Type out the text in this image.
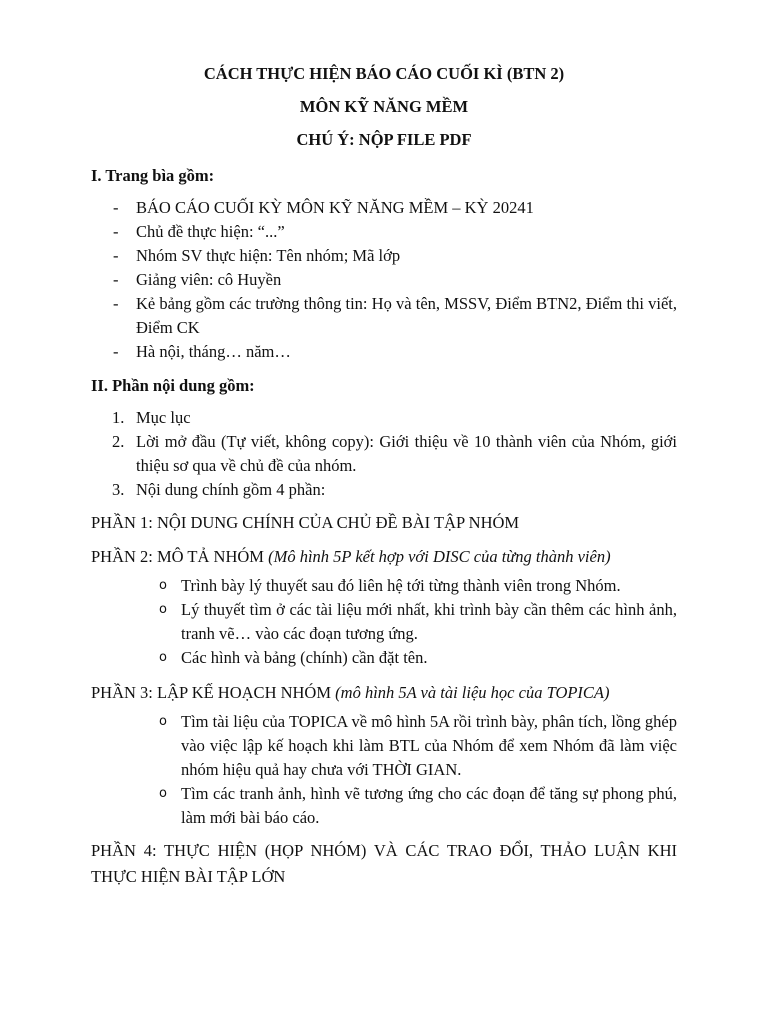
CÁCH THỰC HIỆN BÁO CÁO CUỐI KÌ (BTN 2)

MÔN KỸ NĂNG MỀM

CHÚ Ý: NỘP FILE PDF

I. Trang bìa gồm:

- BÁO CÁO CUỐI KỲ MÔN KỸ NĂNG MỀM – KỲ 20241
- Chủ đề thực hiện: “...”
- Nhóm SV thực hiện: Tên nhóm; Mã lớp
- Giảng viên: cô Huyền
- Kẻ bảng gồm các trường thông tin: Họ và tên, MSSV, Điểm BTN2, Điểm thi viết, Điểm CK
- Hà nội, tháng… năm…

II. Phần nội dung gồm:

1. Mục lục
2. Lời mở đầu (Tự viết, không copy): Giới thiệu về 10 thành viên của Nhóm, giới thiệu sơ qua về chủ đề của nhóm.
3. Nội dung chính gồm 4 phần:

PHẦN 1: NỘI DUNG CHÍNH CỦA CHỦ ĐỀ BÀI TẬP NHÓM

PHẦN 2: MÔ TẢ NHÓM (Mô hình 5P kết hợp với DISC của từng thành viên)

o Trình bày lý thuyết sau đó liên hệ tới từng thành viên trong Nhóm.
o Lý thuyết tìm ở các tài liệu mới nhất, khi trình bày cần thêm các hình ảnh, tranh vẽ… vào các đoạn tương ứng.
o Các hình và bảng (chính) cần đặt tên.

PHẦN 3: LẬP KẾ HOẠCH NHÓM (mô hình 5A và tài liệu học của TOPICA)

o Tìm tài liệu của TOPICA về mô hình 5A rồi trình bày, phân tích, lồng ghép vào việc lập kế hoạch khi làm BTL của Nhóm để xem Nhóm đã làm việc nhóm hiệu quả hay chưa với THỜI GIAN.
o Tìm các tranh ảnh, hình vẽ tương ứng cho các đoạn để tăng sự phong phú, làm mới bài báo cáo.

PHẦN 4: THỰC HIỆN (HỌP NHÓM) VÀ CÁC TRAO ĐỔI, THẢO LUẬN KHI THỰC HIỆN BÀI TẬP LỚN
